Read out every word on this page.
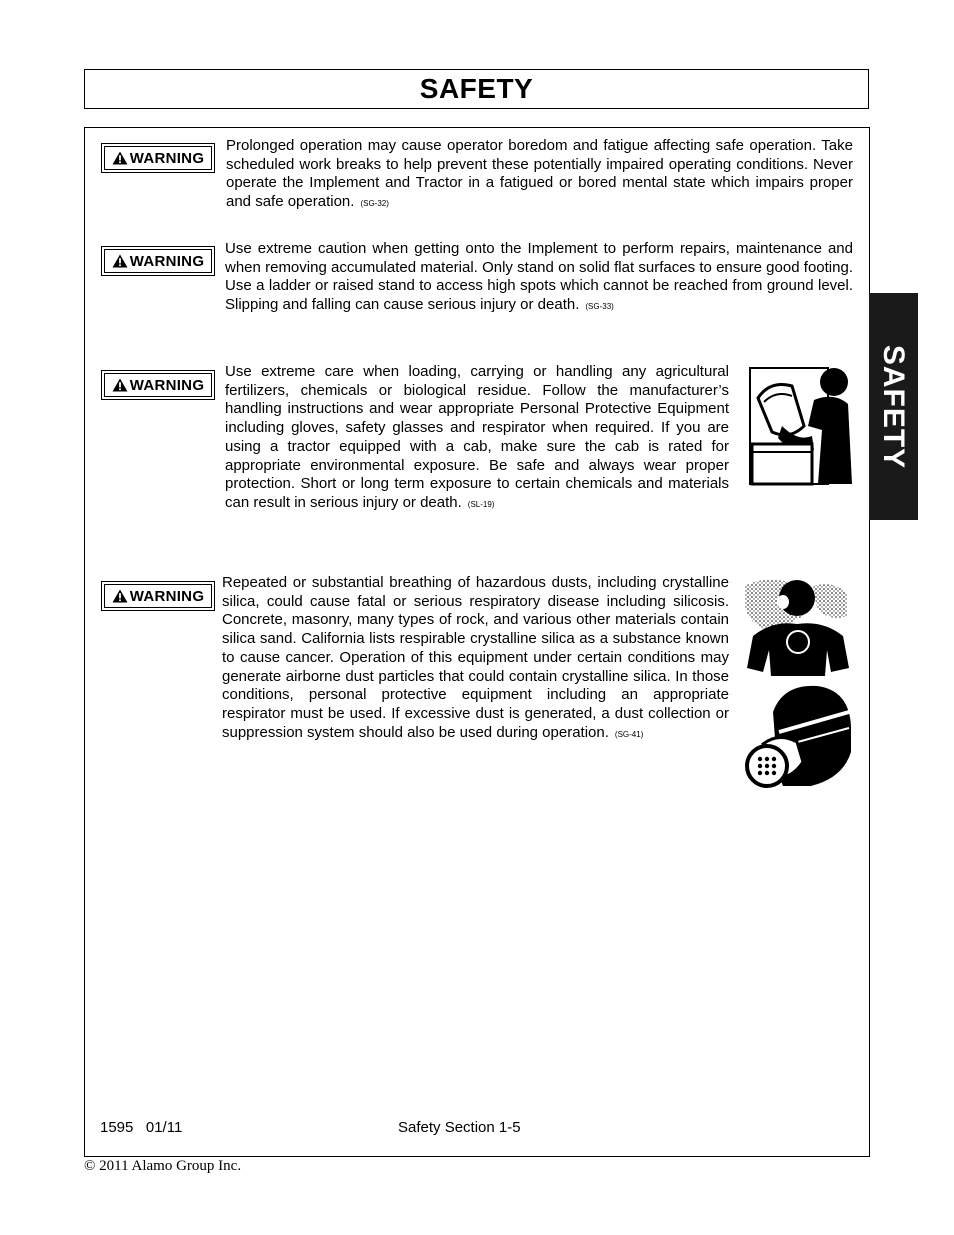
SAFETY
SAFETY
WARNING

Prolonged operation may cause operator boredom and fatigue affecting safe operation. Take scheduled work breaks to help prevent these potentially impaired operating conditions. Never operate the Implement and Tractor in a fatigued or bored mental state which impairs proper and safe operation. (SG-32)

WARNING

Use extreme caution when getting onto the Implement to perform repairs, maintenance and when removing accumulated material. Only stand on solid flat surfaces to ensure good footing. Use a ladder or raised stand to access high spots which cannot be reached from ground level. Slipping and falling can cause serious injury or death. (SG-33)

WARNING

Use extreme care when loading, carrying or handling any agricultural fertilizers, chemicals or biological residue. Follow the manufacturer’s handling instructions and wear appropriate Personal Protective Equipment including gloves, safety glasses and respirator when required. If you are using a tractor equipped with a cab, make sure the cab is rated for appropriate environmental exposure. Be safe and always wear proper protection. Short or long term exposure to certain chemicals and materials can result in serious injury or death. (SL-19)

WARNING

Repeated or substantial breathing of hazardous dusts, including crystalline silica, could cause fatal or serious respiratory disease including silicosis. Concrete, masonry, many types of rock, and various other materials contain silica sand. California lists respirable crystalline silica as a substance known to cause cancer. Operation of this equipment under certain conditions may generate airborne dust particles that could contain crystalline silica. In those conditions, personal protective equipment including an appropriate respirator must be used. If excessive dust is generated, a dust collection or suppression system should also be used during operation. (SG-41)

1595   01/11	Safety Section 1-5
© 2011 Alamo Group Inc.
